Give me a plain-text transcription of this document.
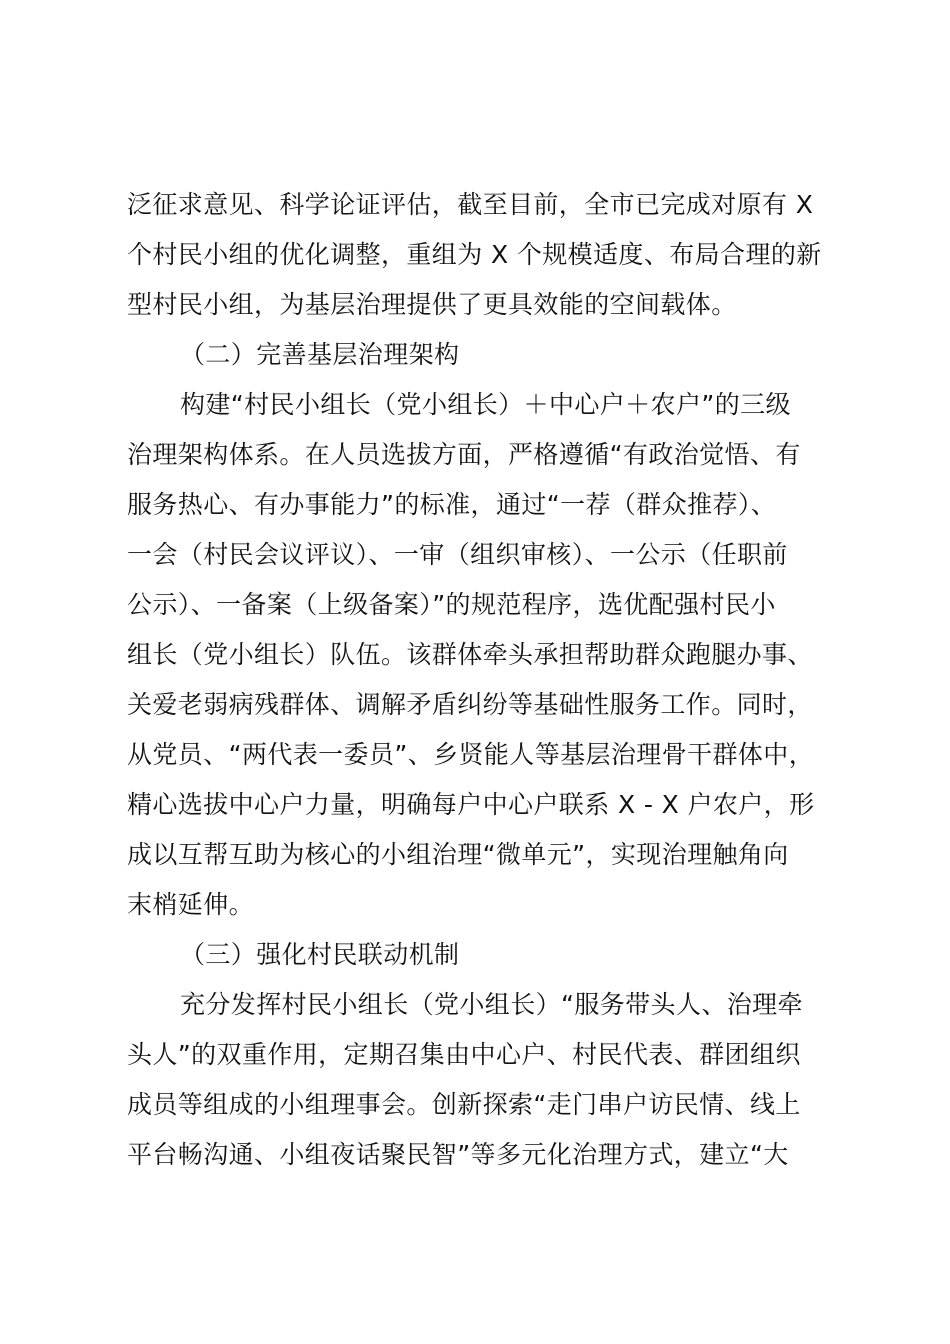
泛征求意见、科学论证评估，截至目前，全市已完成对原有 X
个村民小组的优化调整，重组为 X 个规模适度、布局合理的新
型村民小组，为基层治理提供了更具效能的空间载体。
（二）完善基层治理架构
构建“村民小组长（党小组长）＋中心户＋农户”的三级
治理架构体系。在人员选拔方面，严格遵循“有政治觉悟、有
服务热心、有办事能力”的标准，通过“一荐（群众推荐）、
一会（村民会议评议）、一审（组织审核）、一公示（任职前
公示）、一备案（上级备案）”的规范程序，选优配强村民小
组长（党小组长）队伍。该群体牵头承担帮助群众跑腿办事、
关爱老弱病残群体、调解矛盾纠纷等基础性服务工作。同时，
从党员、“两代表一委员”、乡贤能人等基层治理骨干群体中，
精心选拔中心户力量，明确每户中心户联系 X - X 户农户，形
成以互帮互助为核心的小组治理“微单元”，实现治理触角向
末梢延伸。
（三）强化村民联动机制
充分发挥村民小组长（党小组长）“服务带头人、治理牵
头人”的双重作用，定期召集由中心户、村民代表、群团组织
成员等组成的小组理事会。创新探索“走门串户访民情、线上
平台畅沟通、小组夜话聚民智”等多元化治理方式，建立“大
